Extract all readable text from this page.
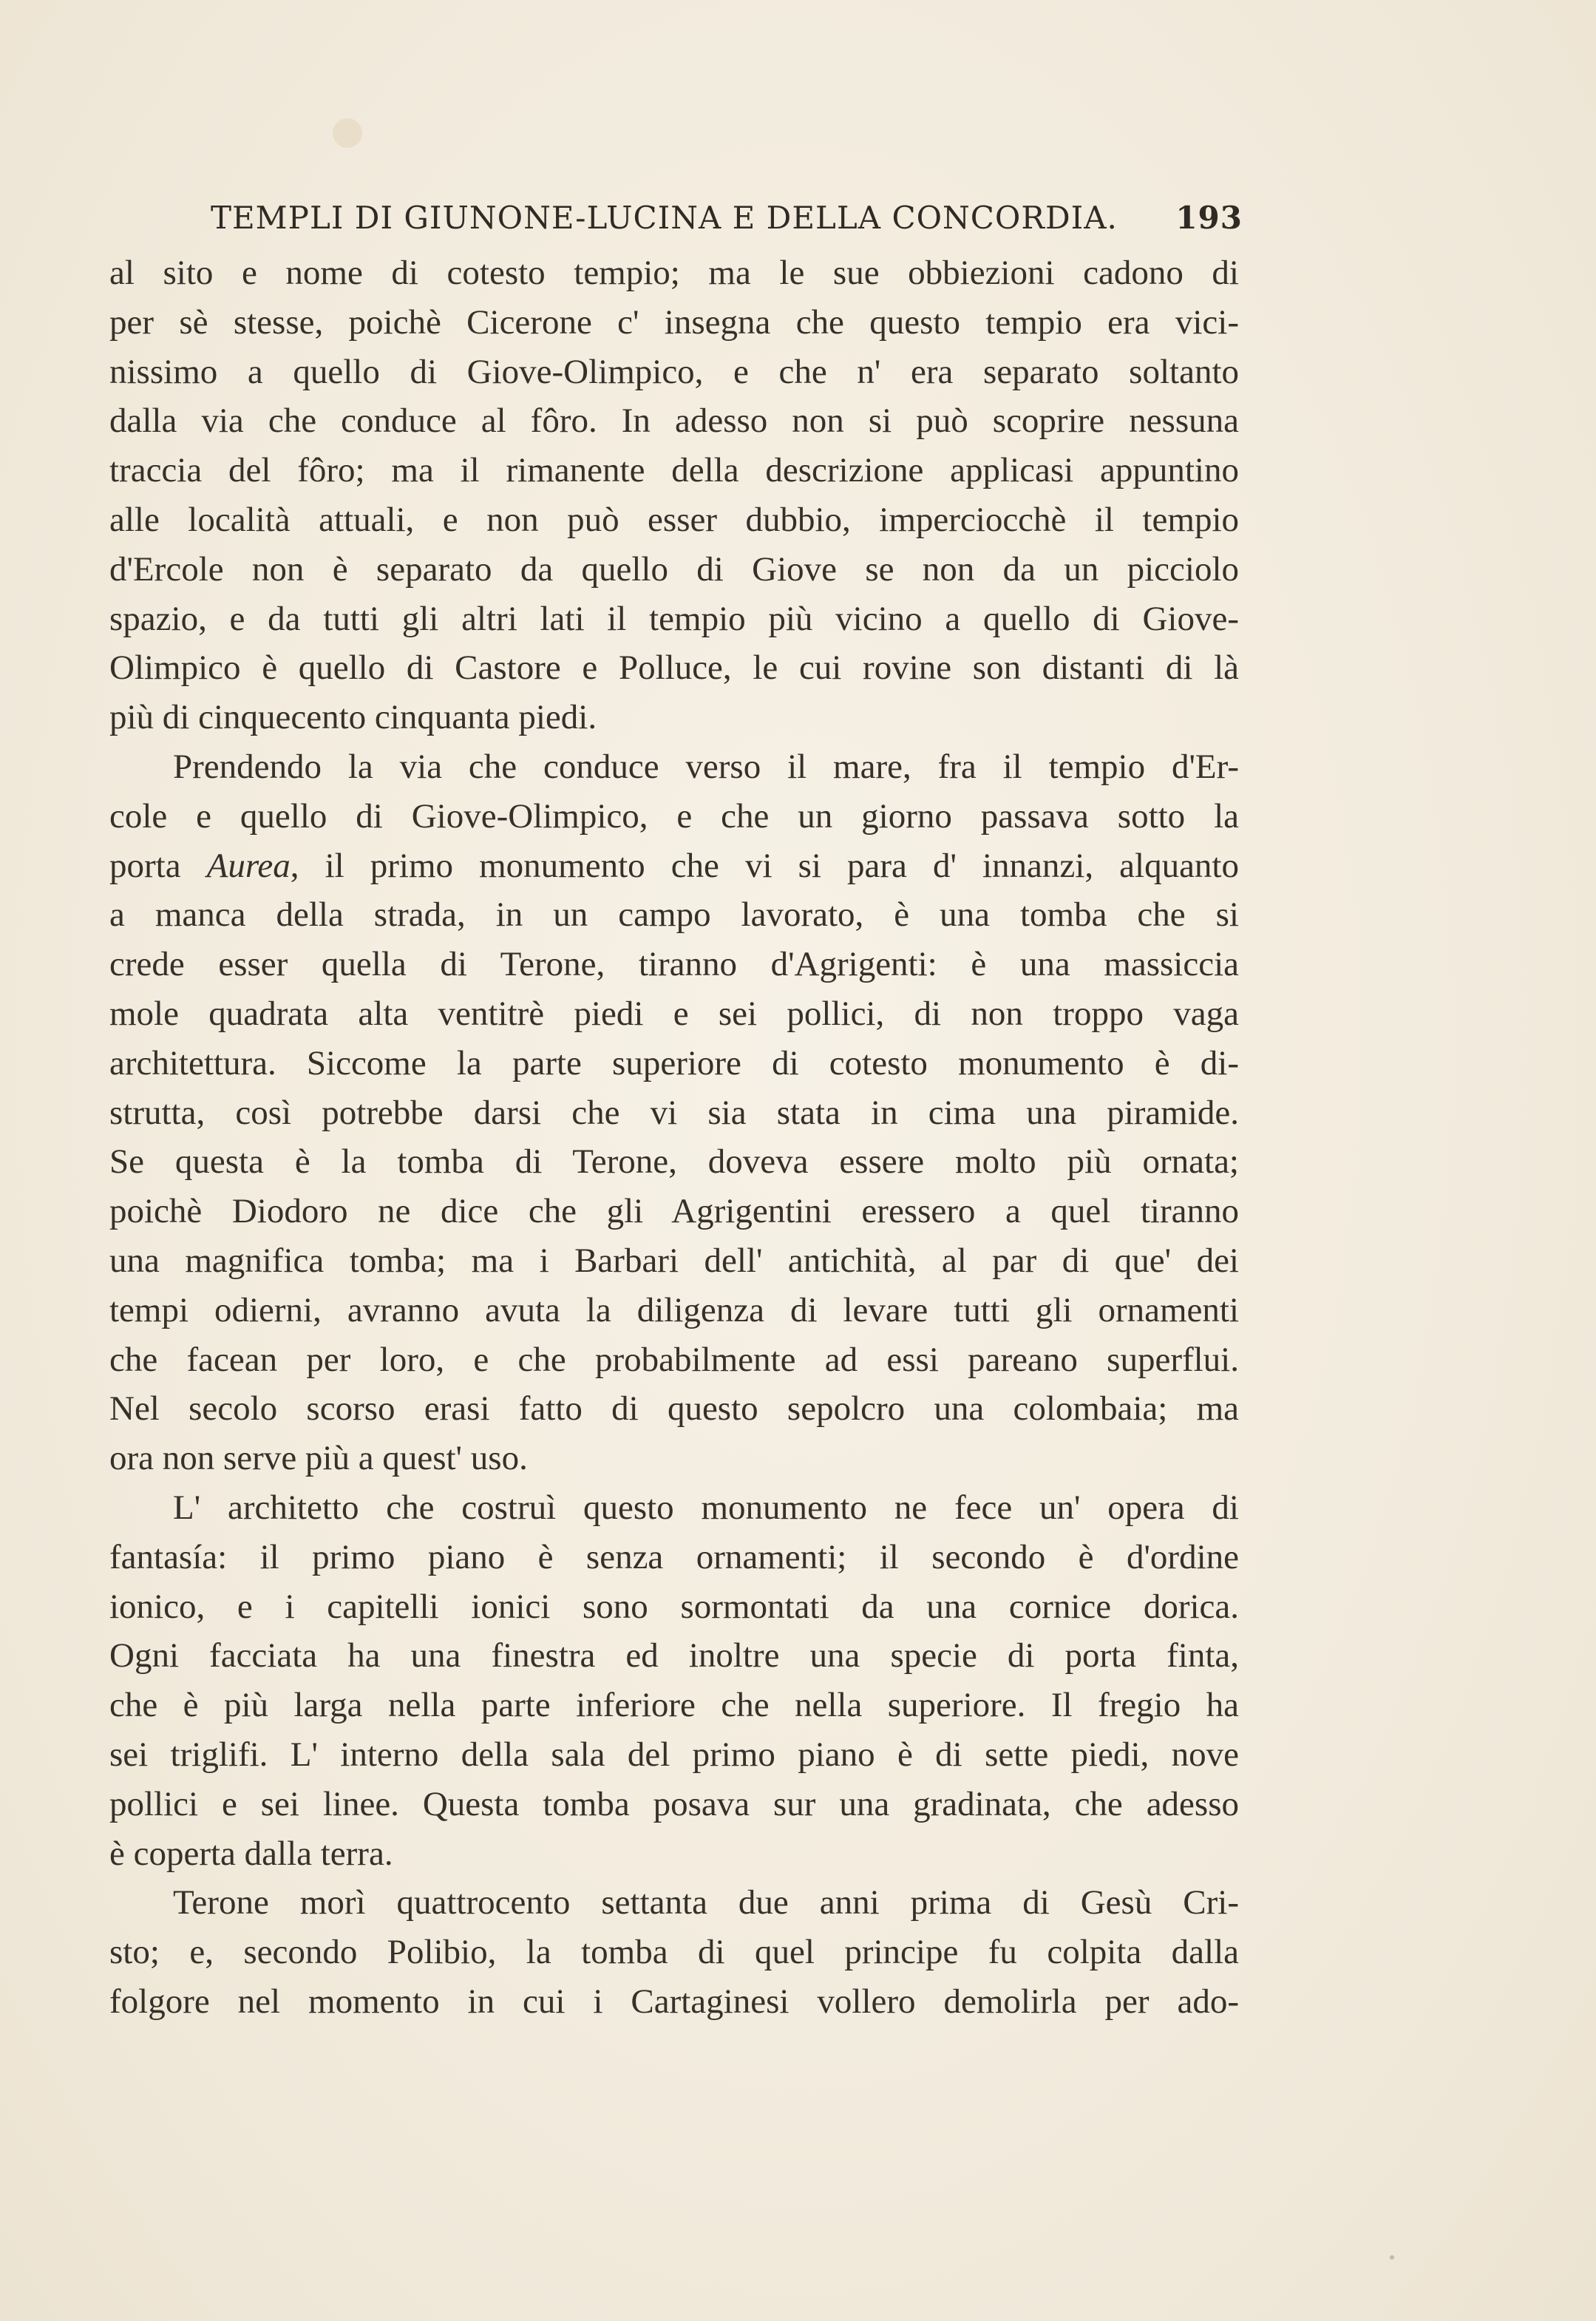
TEMPLI DI GIUNONE-LUCINA E DELLA CONCORDIA. 193
al sito e nome di cotesto tempio; ma le sue obbiezioni cadono di
per sè stesse, poichè Cicerone c' insegna che questo tempio era vici-
nissimo a quello di Giove-Olimpico, e che n' era separato soltanto
dalla via che conduce al fôro. In adesso non si può scoprire nessuna
traccia del fôro; ma il rimanente della descrizione applicasi appuntino
alle località attuali, e non può esser dubbio, imperciocchè il tempio
d'Ercole non è separato da quello di Giove se non da un picciolo
spazio, e da tutti gli altri lati il tempio più vicino a quello di Giove-
Olimpico è quello di Castore e Polluce, le cui rovine son distanti di là
più di cinquecento cinquanta piedi.
Prendendo la via che conduce verso il mare, fra il tempio d'Er-
cole e quello di Giove-Olimpico, e che un giorno passava sotto la
porta Aurea, il primo monumento che vi si para d' innanzi, alquanto
a manca della strada, in un campo lavorato, è una tomba che si
crede esser quella di Terone, tiranno d'Agrigenti: è una massiccia
mole quadrata alta ventitrè piedi e sei pollici, di non troppo vaga
architettura. Siccome la parte superiore di cotesto monumento è di-
strutta, così potrebbe darsi che vi sia stata in cima una piramide.
Se questa è la tomba di Terone, doveva essere molto più ornata;
poichè Diodoro ne dice che gli Agrigentini eressero a quel tiranno
una magnifica tomba; ma i Barbari dell' antichità, al par di que' dei
tempi odierni, avranno avuta la diligenza di levare tutti gli ornamenti
che facean per loro, e che probabilmente ad essi pareano superflui.
Nel secolo scorso erasi fatto di questo sepolcro una colombaia; ma
ora non serve più a quest' uso.
L' architetto che costruì questo monumento ne fece un' opera di
fantasía: il primo piano è senza ornamenti; il secondo è d'ordine
ionico, e i capitelli ionici sono sormontati da una cornice dorica.
Ogni facciata ha una finestra ed inoltre una specie di porta finta,
che è più larga nella parte inferiore che nella superiore. Il fregio ha
sei triglifi. L' interno della sala del primo piano è di sette piedi, nove
pollici e sei linee. Questa tomba posava sur una gradinata, che adesso
è coperta dalla terra.
Terone morì quattrocento settanta due anni prima di Gesù Cri-
sto; e, secondo Polibio, la tomba di quel principe fu colpita dalla
folgore nel momento in cui i Cartaginesi vollero demolirla per ado-
